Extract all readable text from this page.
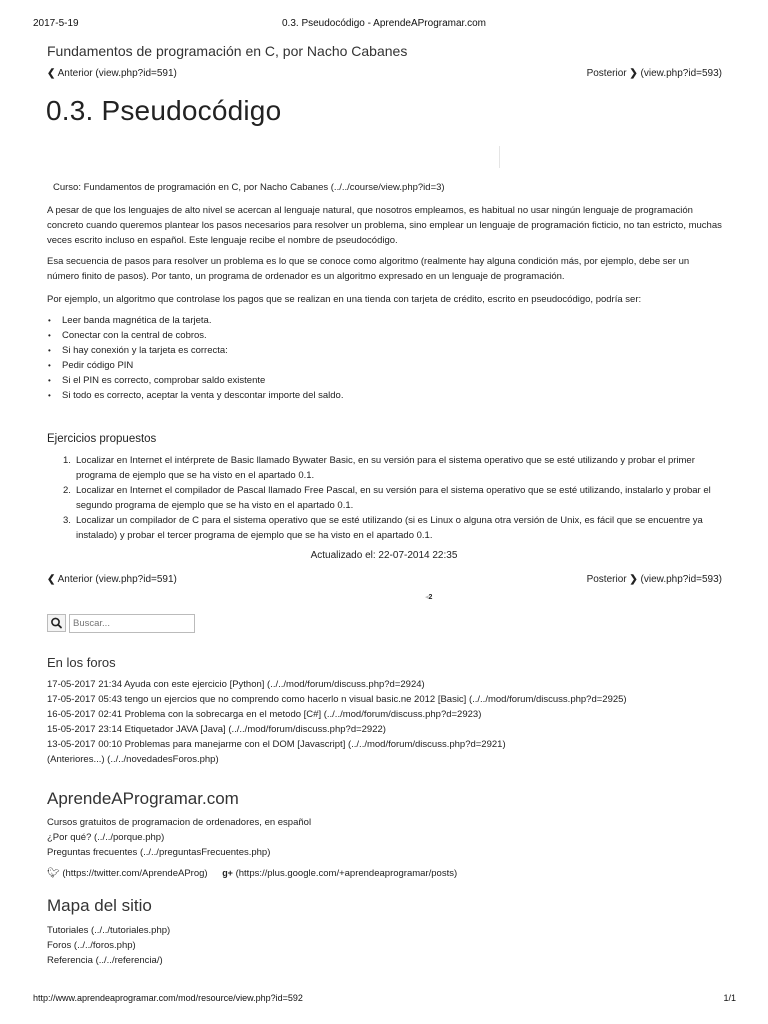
2017-5-19	0.3. Pseudocódigo - AprendeAProgramar.com
Fundamentos de programación en C, por Nacho Cabanes
❮ Anterior (view.php?id=591)	Posterior ❯ (view.php?id=593)
0.3. Pseudocódigo
Curso: Fundamentos de programación en C, por Nacho Cabanes (../../course/view.php?id=3)
A pesar de que los lenguajes de alto nivel se acercan al lenguaje natural, que nosotros empleamos, es habitual no usar ningún lenguaje de programación concreto cuando queremos plantear los pasos necesarios para resolver un problema, sino emplear un lenguaje de programación ficticio, no tan estricto, muchas veces escrito incluso en español. Este lenguaje recibe el nombre de pseudocódigo.
Esa secuencia de pasos para resolver un problema es lo que se conoce como algoritmo (realmente hay alguna condición más, por ejemplo, debe ser un número finito de pasos). Por tanto, un programa de ordenador es un algoritmo expresado en un lenguaje de programación.
Por ejemplo, un algoritmo que controlase los pagos que se realizan en una tienda con tarjeta de crédito, escrito en pseudocódigo, podría ser:
• Leer banda magnética de la tarjeta.
• Conectar con la central de cobros.
• Si hay conexión y la tarjeta es correcta:
• Pedir código PIN
• Si el PIN es correcto, comprobar saldo existente
• Si todo es correcto, aceptar la venta y descontar importe del saldo.
Ejercicios propuestos
1. Localizar en Internet el intérprete de Basic llamado Bywater Basic, en su versión para el sistema operativo que se esté utilizando y probar el primer programa de ejemplo que se ha visto en el apartado 0.1.
2. Localizar en Internet el compilador de Pascal llamado Free Pascal, en su versión para el sistema operativo que se esté utilizando, instalarlo y probar el segundo programa de ejemplo que se ha visto en el apartado 0.1.
3. Localizar un compilador de C para el sistema operativo que se esté utilizando (si es Linux o alguna otra versión de Unix, es fácil que se encuentre ya instalado) y probar el tercer programa de ejemplo que se ha visto en el apartado 0.1.
Actualizado el: 22-07-2014 22:35
❮ Anterior (view.php?id=591)	Posterior ❯ (view.php?id=593)
◂2
Buscar...
En los foros
17-05-2017 21:34 Ayuda con este ejercicio [Python] (../../mod/forum/discuss.php?d=2924)
17-05-2017 05:43 tengo un ejercios que no comprendo como hacerlo n visual basic.ne 2012 [Basic] (../../mod/forum/discuss.php?d=2925)
16-05-2017 02:41 Problema con la sobrecarga en el metodo [C#] (../../mod/forum/discuss.php?d=2923)
15-05-2017 23:14 Etiquetador JAVA [Java] (../../mod/forum/discuss.php?d=2922)
13-05-2017 00:10 Problemas para manejarme con el DOM [Javascript] (../../mod/forum/discuss.php?d=2921)
(Anteriores...) (../../novedadesForos.php)
AprendeAProgramar.com
Cursos gratuitos de programacion de ordenadores, en español
¿Por qué? (../../porque.php)
Preguntas frecuentes (../../preguntasFrecuentes.php)
🐦︎ (https://twitter.com/AprendeAProg) g+ (https://plus.google.com/+aprendeaprogramar/posts)
Mapa del sitio
Tutoriales (../../tutoriales.php)
Foros (../../foros.php)
Referencia (../../referencia/)
http://www.aprendeaprogramar.com/mod/resource/view.php?id=592	1/1
